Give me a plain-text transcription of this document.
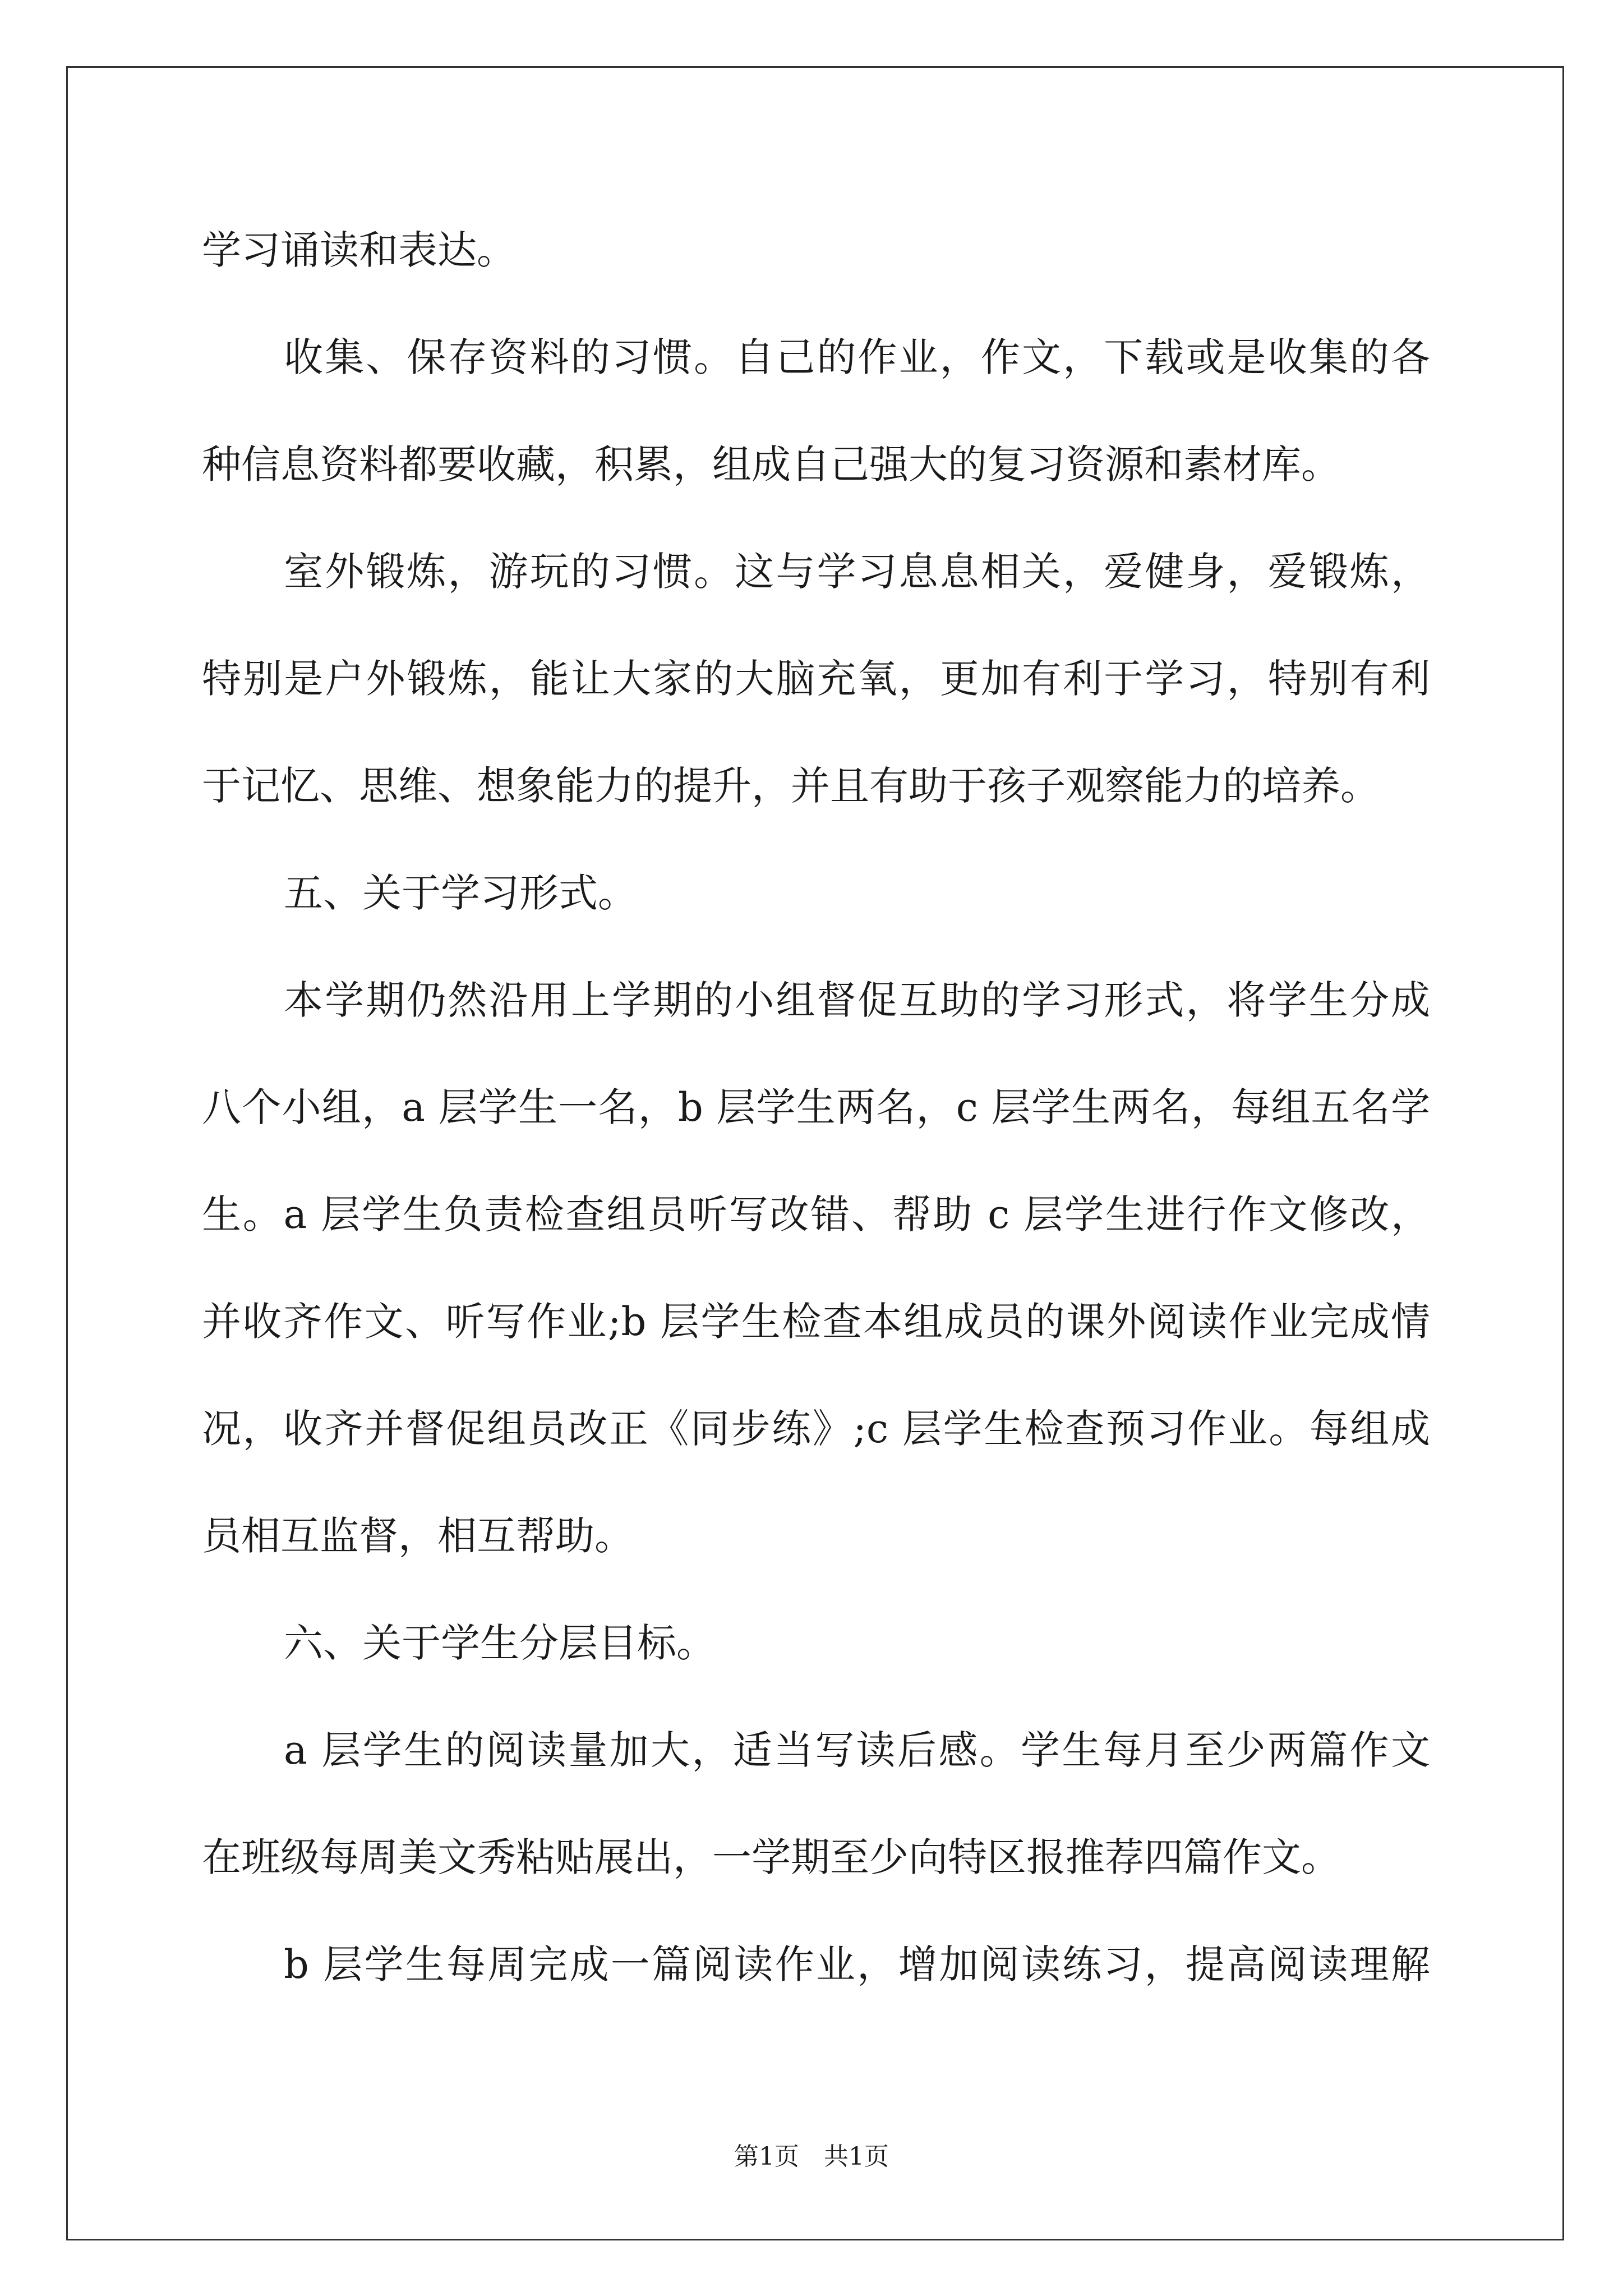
学习诵读和表达。
收集、保存资料的习惯。自己的作业，作文，下载或是收集的各
种信息资料都要收藏，积累，组成自己强大的复习资源和素材库。
室外锻炼，游玩的习惯。这与学习息息相关，爱健身，爱锻炼，
特别是户外锻炼，能让大家的大脑充氧，更加有利于学习，特别有利
于记忆、思维、想象能力的提升，并且有助于孩子观察能力的培养。
五、关于学习形式。
本学期仍然沿用上学期的小组督促互助的学习形式，将学生分成
八个小组，a 层学生一名，b 层学生两名，c 层学生两名，每组五名学
生。a 层学生负责检查组员听写改错、帮助 c 层学生进行作文修改，
并收齐作文、听写作业;b 层学生检查本组成员的课外阅读作业完成情
况，收齐并督促组员改正《同步练》;c 层学生检查预习作业。每组成
员相互监督，相互帮助。
六、关于学生分层目标。
a 层学生的阅读量加大，适当写读后感。学生每月至少两篇作文
在班级每周美文秀粘贴展出，一学期至少向特区报推荐四篇作文。
b 层学生每周完成一篇阅读作业，增加阅读练习，提高阅读理解
第1页　共1页
